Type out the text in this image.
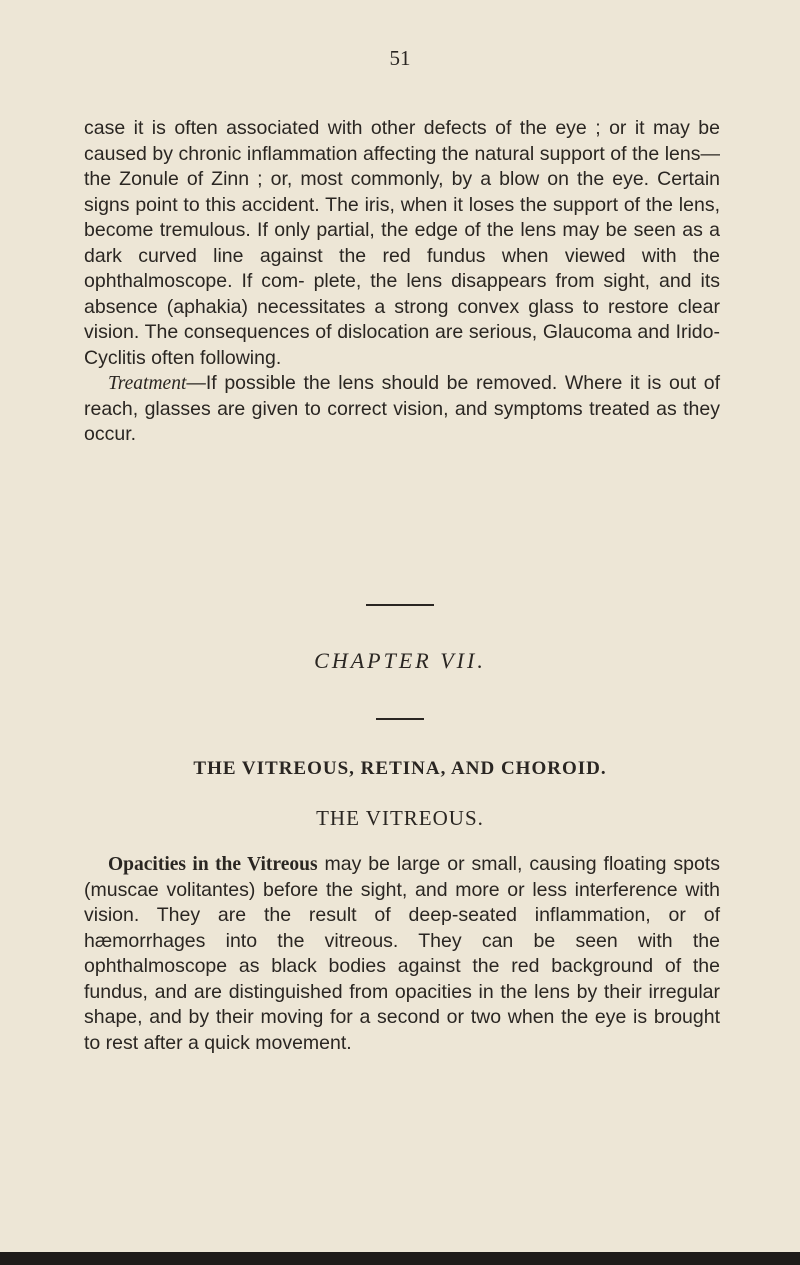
51

case it is often associated with other defects of the eye ; or it may be caused by chronic inflammation affecting the natural support of the lens—the Zonule of Zinn ; or, most commonly, by a blow on the eye. Certain signs point to this accident. The iris, when it loses the support of the lens, become tremulous. If only partial, the edge of the lens may be seen as a dark curved line against the red fundus when viewed with the ophthalmoscope. If com- plete, the lens disappears from sight, and its absence (aphakia) necessitates a strong convex glass to restore clear vision. The consequences of dislocation are serious, Glaucoma and Irido-Cyclitis often following.

Treatment—If possible the lens should be removed. Where it is out of reach, glasses are given to correct vision, and symptoms treated as they occur.

CHAPTER VII.
THE VITREOUS, RETINA, AND CHOROID.
THE VITREOUS.

Opacities in the Vitreous may be large or small, causing floating spots (muscae volitantes) before the sight, and more or less interference with vision. They are the result of deep-seated inflammation, or of hæmorrhages into the vitreous. They can be seen with the ophthalmoscope as black bodies against the red background of the fundus, and are distinguished from opacities in the lens by their irregular shape, and by their moving for a second or two when the eye is brought to rest after a quick movement.
